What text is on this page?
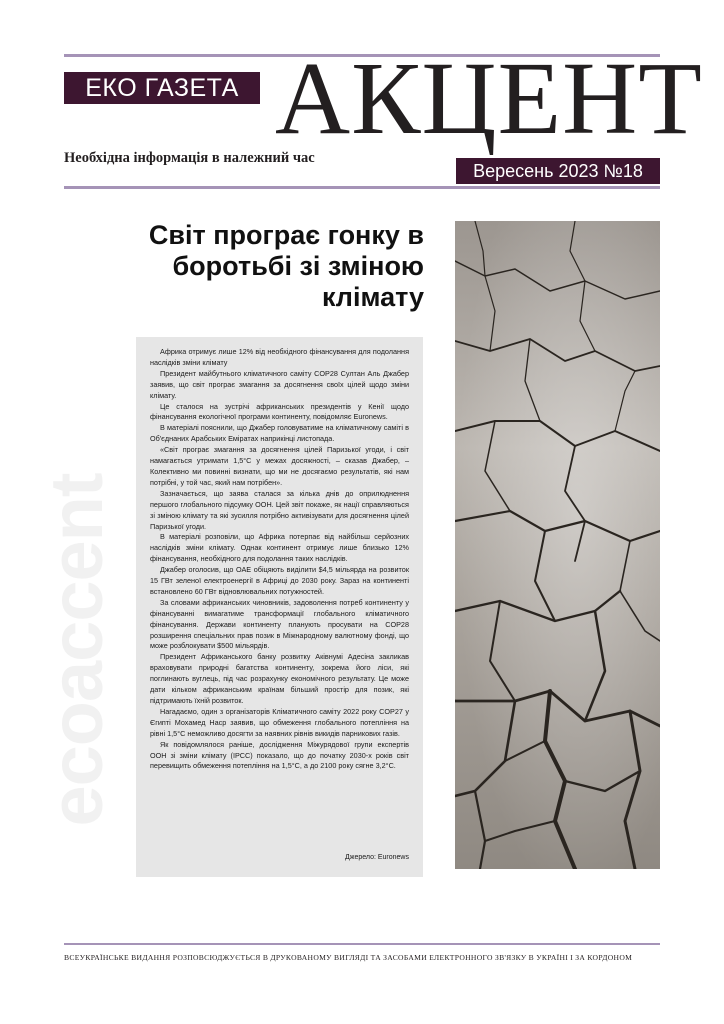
ЕКО ГАЗЕТА АКЦЕНТ
Необхідна інформація в належний час
Вересень 2023 №18
ecoaccent
Світ програє гонку в боротьбі зі зміною клімату

Африка отримує лише 12% від необхідного фінансування для подолання наслідків зміни клімату

Президент майбутнього кліматичного саміту COP28 Султан Аль Джабер заявив, що світ програє змагання за досягнення своїх цілей щодо зміни клімату.

Це сталося на зустрічі африканських президентів у Кенії щодо фінансування екологічної програми континенту, повідомляє Euronews.

В матеріалі пояснили, що Джабер головуватиме на кліматичному саміті в Об'єднаних Арабських Еміратах наприкінці листопада.

«Світ програє змагання за досягнення цілей Паризької угоди, і світ намагається утримати 1,5°C у межах досяжності, – сказав Джабер, – Колективно ми повинні визнати, що ми не досягаємо результатів, які нам потрібні, у той час, який нам потрібен».

Зазначається, що заява сталася за кілька днів до оприлюднення першого глобального підсумку ООН. Цей звіт покаже, як нації справляються зі зміною клімату та які зусилля потрібно активізувати для досягнення цілей Паризької угоди.

В матеріалі розповіли, що Африка потерпає від найбільш серйозних наслідків зміни клімату. Однак континент отримує лише близько 12% фінансування, необхідного для подолання таких наслідків.

Джабер оголосив, що ОАЕ обіцяють виділити $4,5 мільярда на розвиток 15 ГВт зеленої електроенергії в Африці до 2030 року. Зараз на континенті встановлено 60 ГВт відновлювальних потужностей.

За словами африканських чиновників, задоволення потреб континенту у фінансуванні вимагатиме трансформації глобального кліматичного фінансування. Держави континенту планують просувати на COP28 розширення спеціальних прав позик в Міжнародному валютному фонді, що може розблокувати $500 мільярдів.

Президент Африканського банку розвитку Аківнумі Адесіна закликав враховувати природні багатства континенту, зокрема його ліси, які поглинають вуглець, під час розрахунку економічного результату. Це може дати кільком африканським країнам більший простір для позик, які підтримають їхній розвиток.

Нагадаємо, один з організаторів Кліматичного саміту 2022 року COP27 у Єгипті Мохамед Наср заявив, що обмеження глобального потепління на рівні 1,5°C неможливо досягти за наявних рівнів викидів парникових газів.

Як повідомлялося раніше, дослідження Міжурядової групи експертів ООН зі зміни клімату (IPCC) показало, що до початку 2030-х років світ перевищить обмеження потепління на 1,5°C, а до 2100 року сягне 3,2°C.

Джерело: Euronews
ВСЕУКРАЇНСЬКЕ ВИДАННЯ РОЗПОВСЮДЖУЄТЬСЯ В ДРУКОВАНОМУ ВИГЛЯДІ ТА ЗАСОБАМИ ЕЛЕКТРОННОГО ЗВ'ЯЗКУ В УКРАЇНІ І ЗА КОРДОНОМ
